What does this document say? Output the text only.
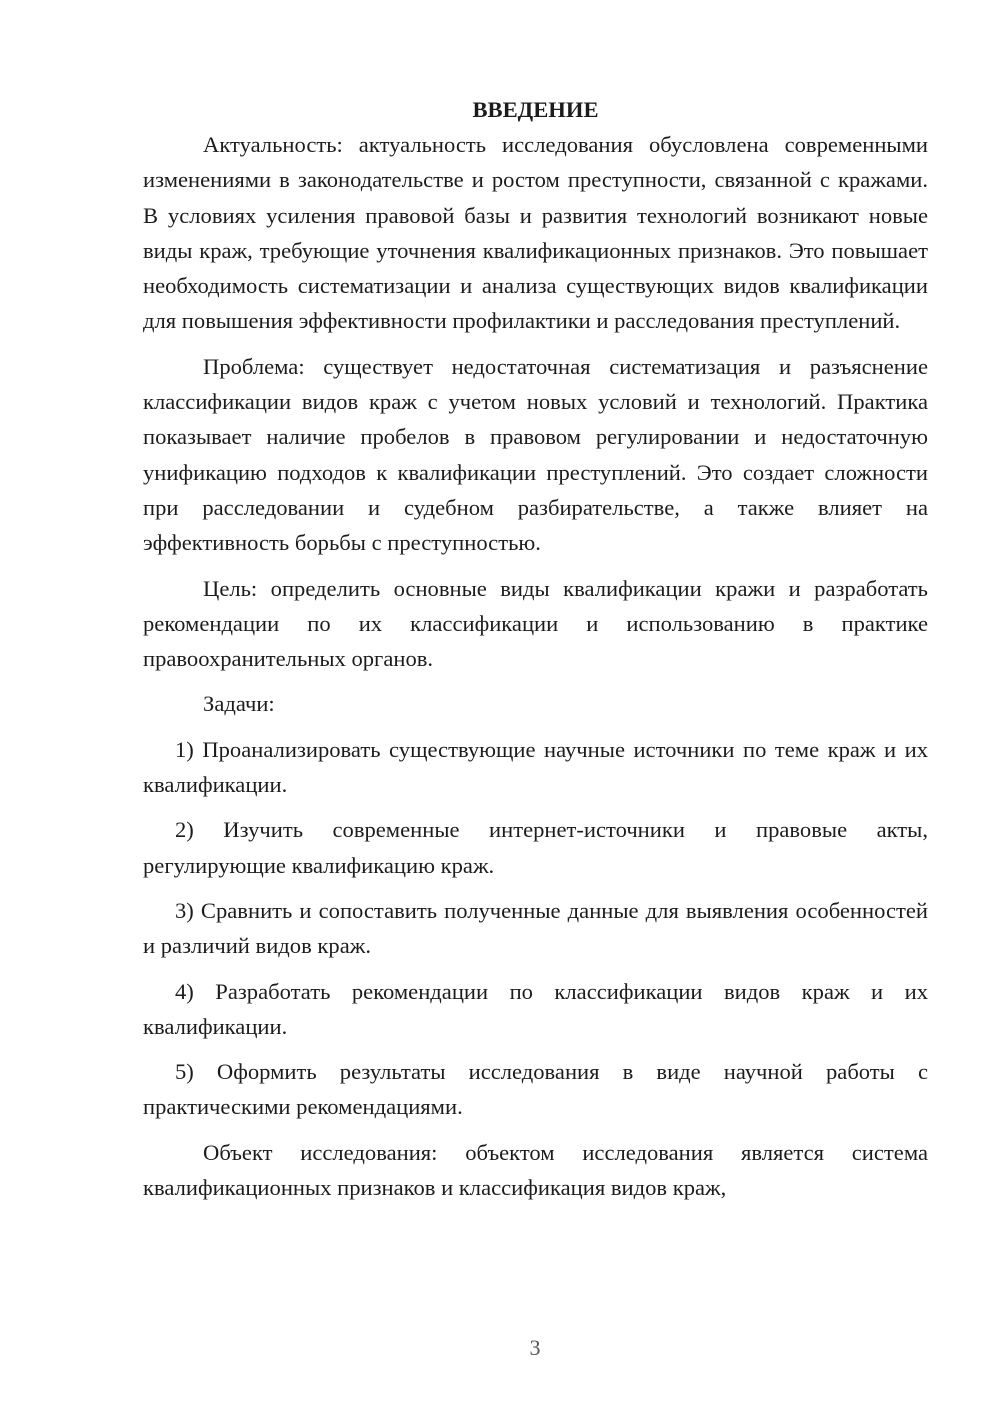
ВВЕДЕНИЕ

Актуальность: актуальность исследования обусловлена современными изменениями в законодательстве и ростом преступности, связанной с кражами. В условиях усиления правовой базы и развития технологий возникают новые виды краж, требующие уточнения квалификационных признаков. Это повышает необходимость систематизации и анализа существующих видов квалификации для повышения эффективности профилактики и расследования преступлений.

Проблема: существует недостаточная систематизация и разъяснение классификации видов краж с учетом новых условий и технологий. Практика показывает наличие пробелов в правовом регулировании и недостаточную унификацию подходов к квалификации преступлений. Это создает сложности при расследовании и судебном разбирательстве, а также влияет на эффективность борьбы с преступностью.

Цель: определить основные виды квалификации кражи и разработать рекомендации по их классификации и использованию в практике правоохранительных органов.

Задачи:

1) Проанализировать существующие научные источники по теме краж и их квалификации.

2) Изучить современные интернет-источники и правовые акты, регулирующие квалификацию краж.

3) Сравнить и сопоставить полученные данные для выявления особенностей и различий видов краж.

4) Разработать рекомендации по классификации видов краж и их квалификации.

5) Оформить результаты исследования в виде научной работы с практическими рекомендациями.

Объект исследования: объектом исследования является система квалификационных признаков и классификация видов краж,

3
